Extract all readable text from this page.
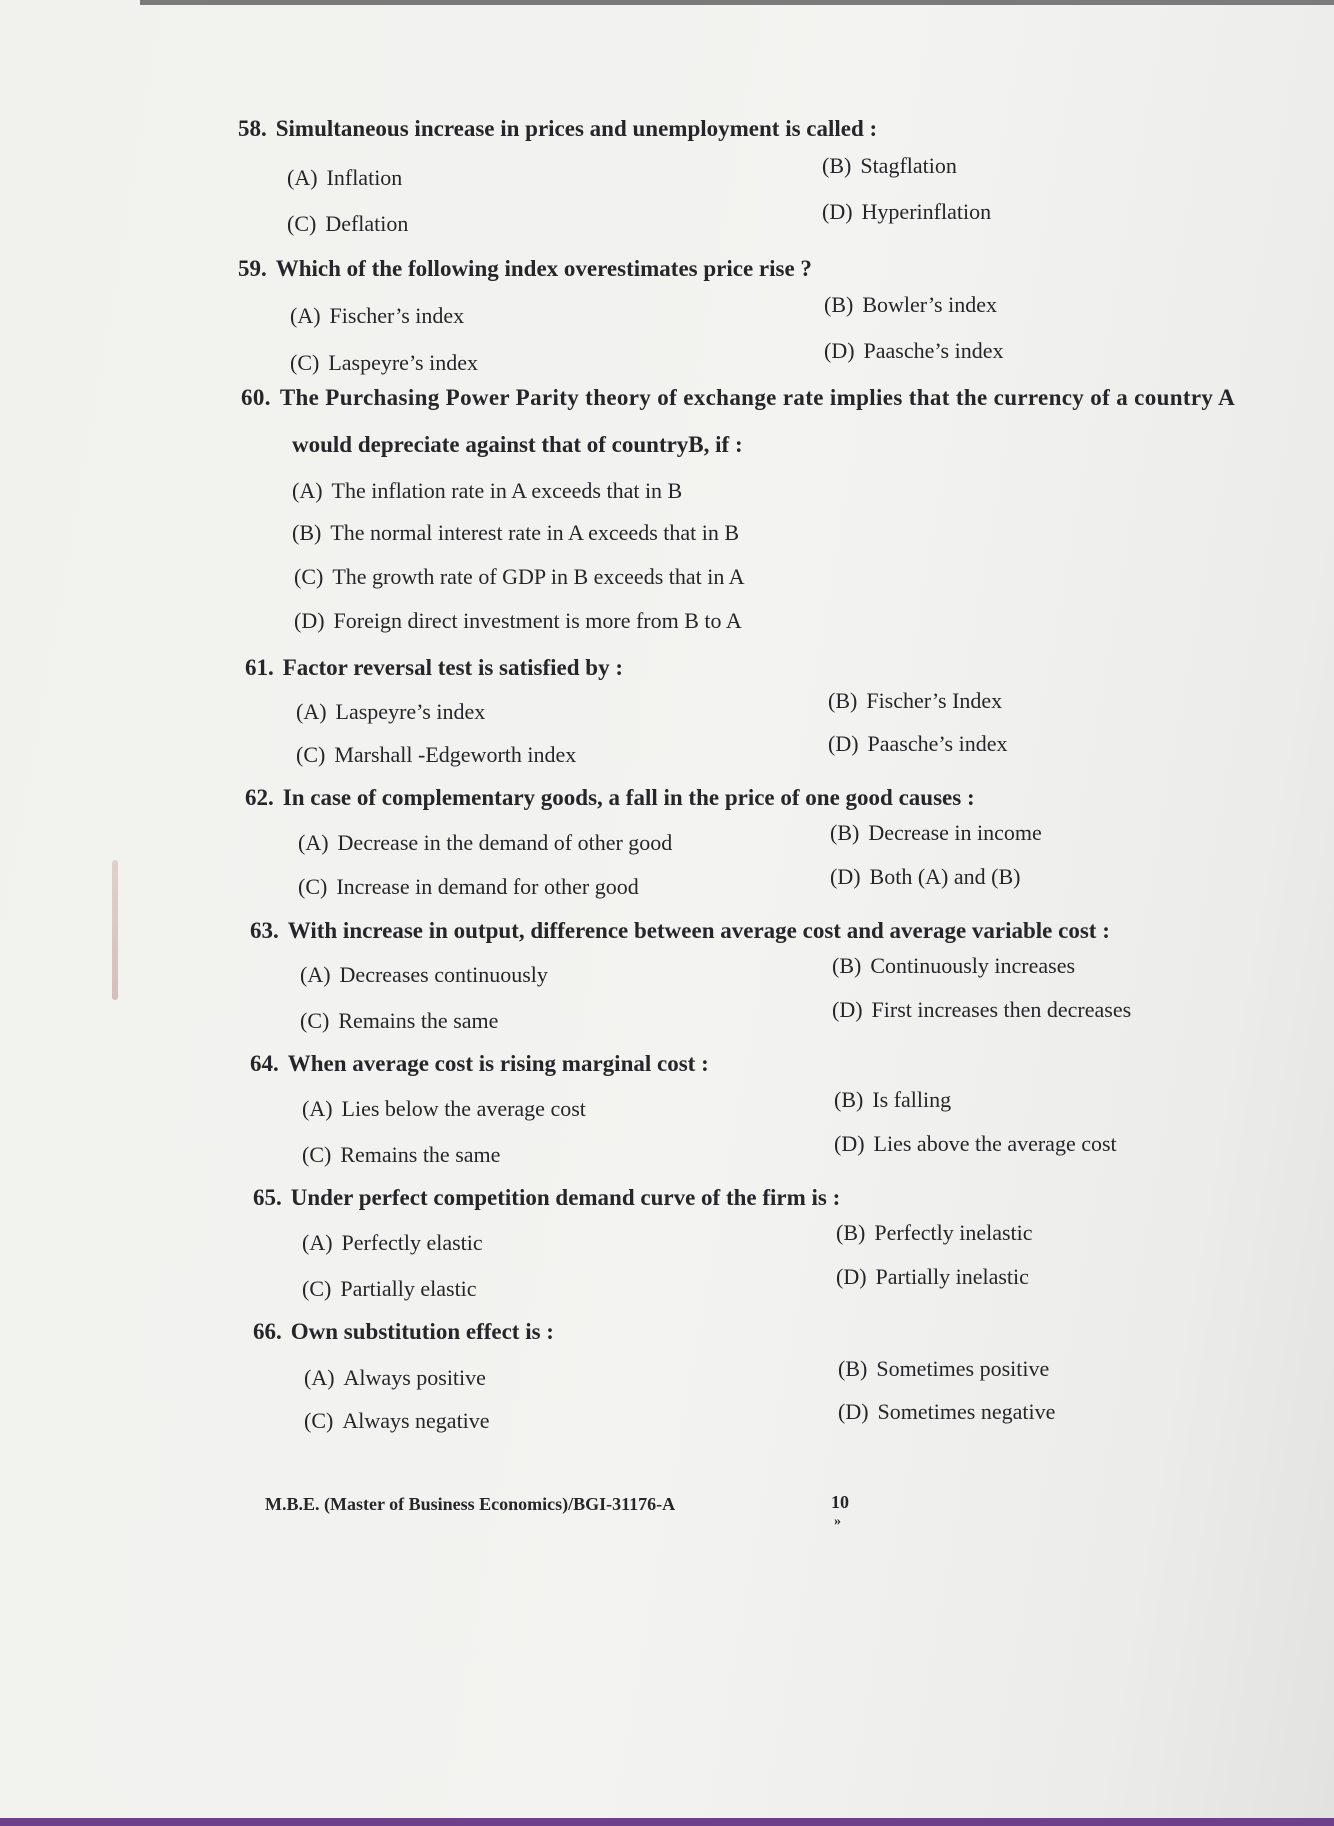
58. Simultaneous increase in prices and unemployment is called :
(A) Inflation	(B) Stagflation
(C) Deflation	(D) Hyperinflation
59. Which of the following index overestimates price rise ?
(A) Fischer’s index	(B) Bowler’s index
(C) Laspeyre’s index	(D) Paasche’s index
60. The Purchasing Power Parity theory of exchange rate implies that the currency of a country A
would depreciate against that of countryB, if :
(A) The inflation rate in A exceeds that in B
(B) The normal interest rate in A exceeds that in B
(C) The growth rate of GDP in B exceeds that in A
(D) Foreign direct investment is more from B to A
61. Factor reversal test is satisfied by :
(A) Laspeyre’s index	(B) Fischer’s Index
(C) Marshall -Edgeworth index	(D) Paasche’s index
62. In case of complementary goods, a fall in the price of one good causes :
(A) Decrease in the demand of other good	(B) Decrease in income
(C) Increase in demand for other good	(D) Both (A) and (B)
63. With increase in output, difference between average cost and average variable cost :
(A) Decreases continuously	(B) Continuously increases
(C) Remains the same	(D) First increases then decreases
64. When average cost is rising marginal cost :
(A) Lies below the average cost	(B) Is falling
(C) Remains the same	(D) Lies above the average cost
65. Under perfect competition demand curve of the firm is :
(A) Perfectly elastic	(B) Perfectly inelastic
(C) Partially elastic	(D) Partially inelastic
66. Own substitution effect is :
(A) Always positive	(B) Sometimes positive
(C) Always negative	(D) Sometimes negative
M.B.E. (Master of Business Economics)/BGI-31176-A	10
»
